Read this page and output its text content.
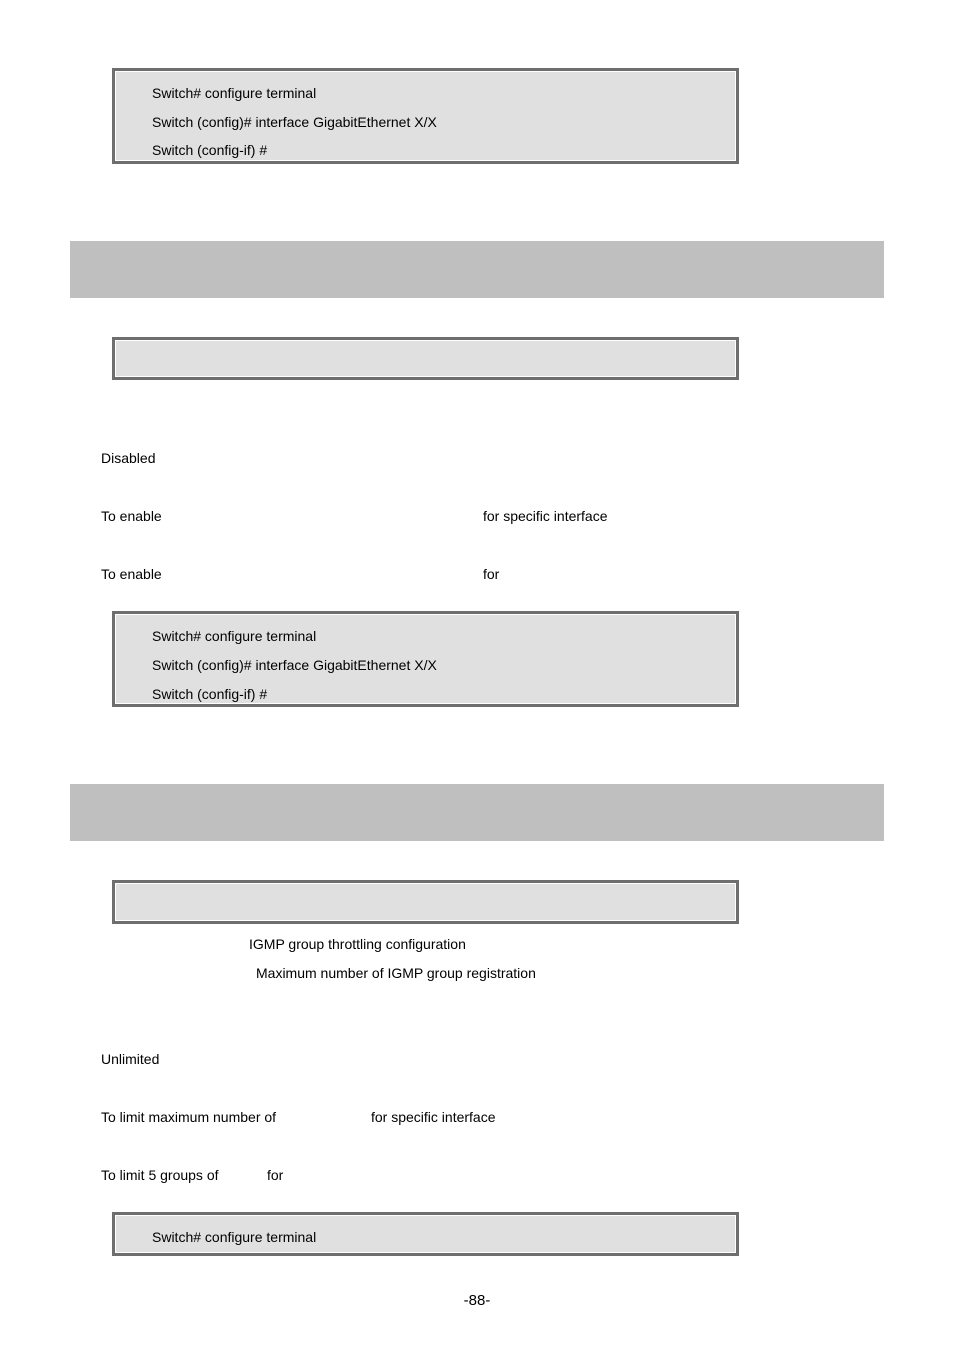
Switch# configure terminal
Switch (config)# interface GigabitEthernet X/X
Switch (config-if) #
Disabled
To enable	for specific interface
To enable	for
Switch# configure terminal
Switch (config)# interface GigabitEthernet X/X
Switch (config-if) #
IGMP group throttling configuration
Maximum number of IGMP group registration
Unlimited
To limit maximum number of	for specific interface
To limit 5 groups of	for
Switch# configure terminal
-88-
